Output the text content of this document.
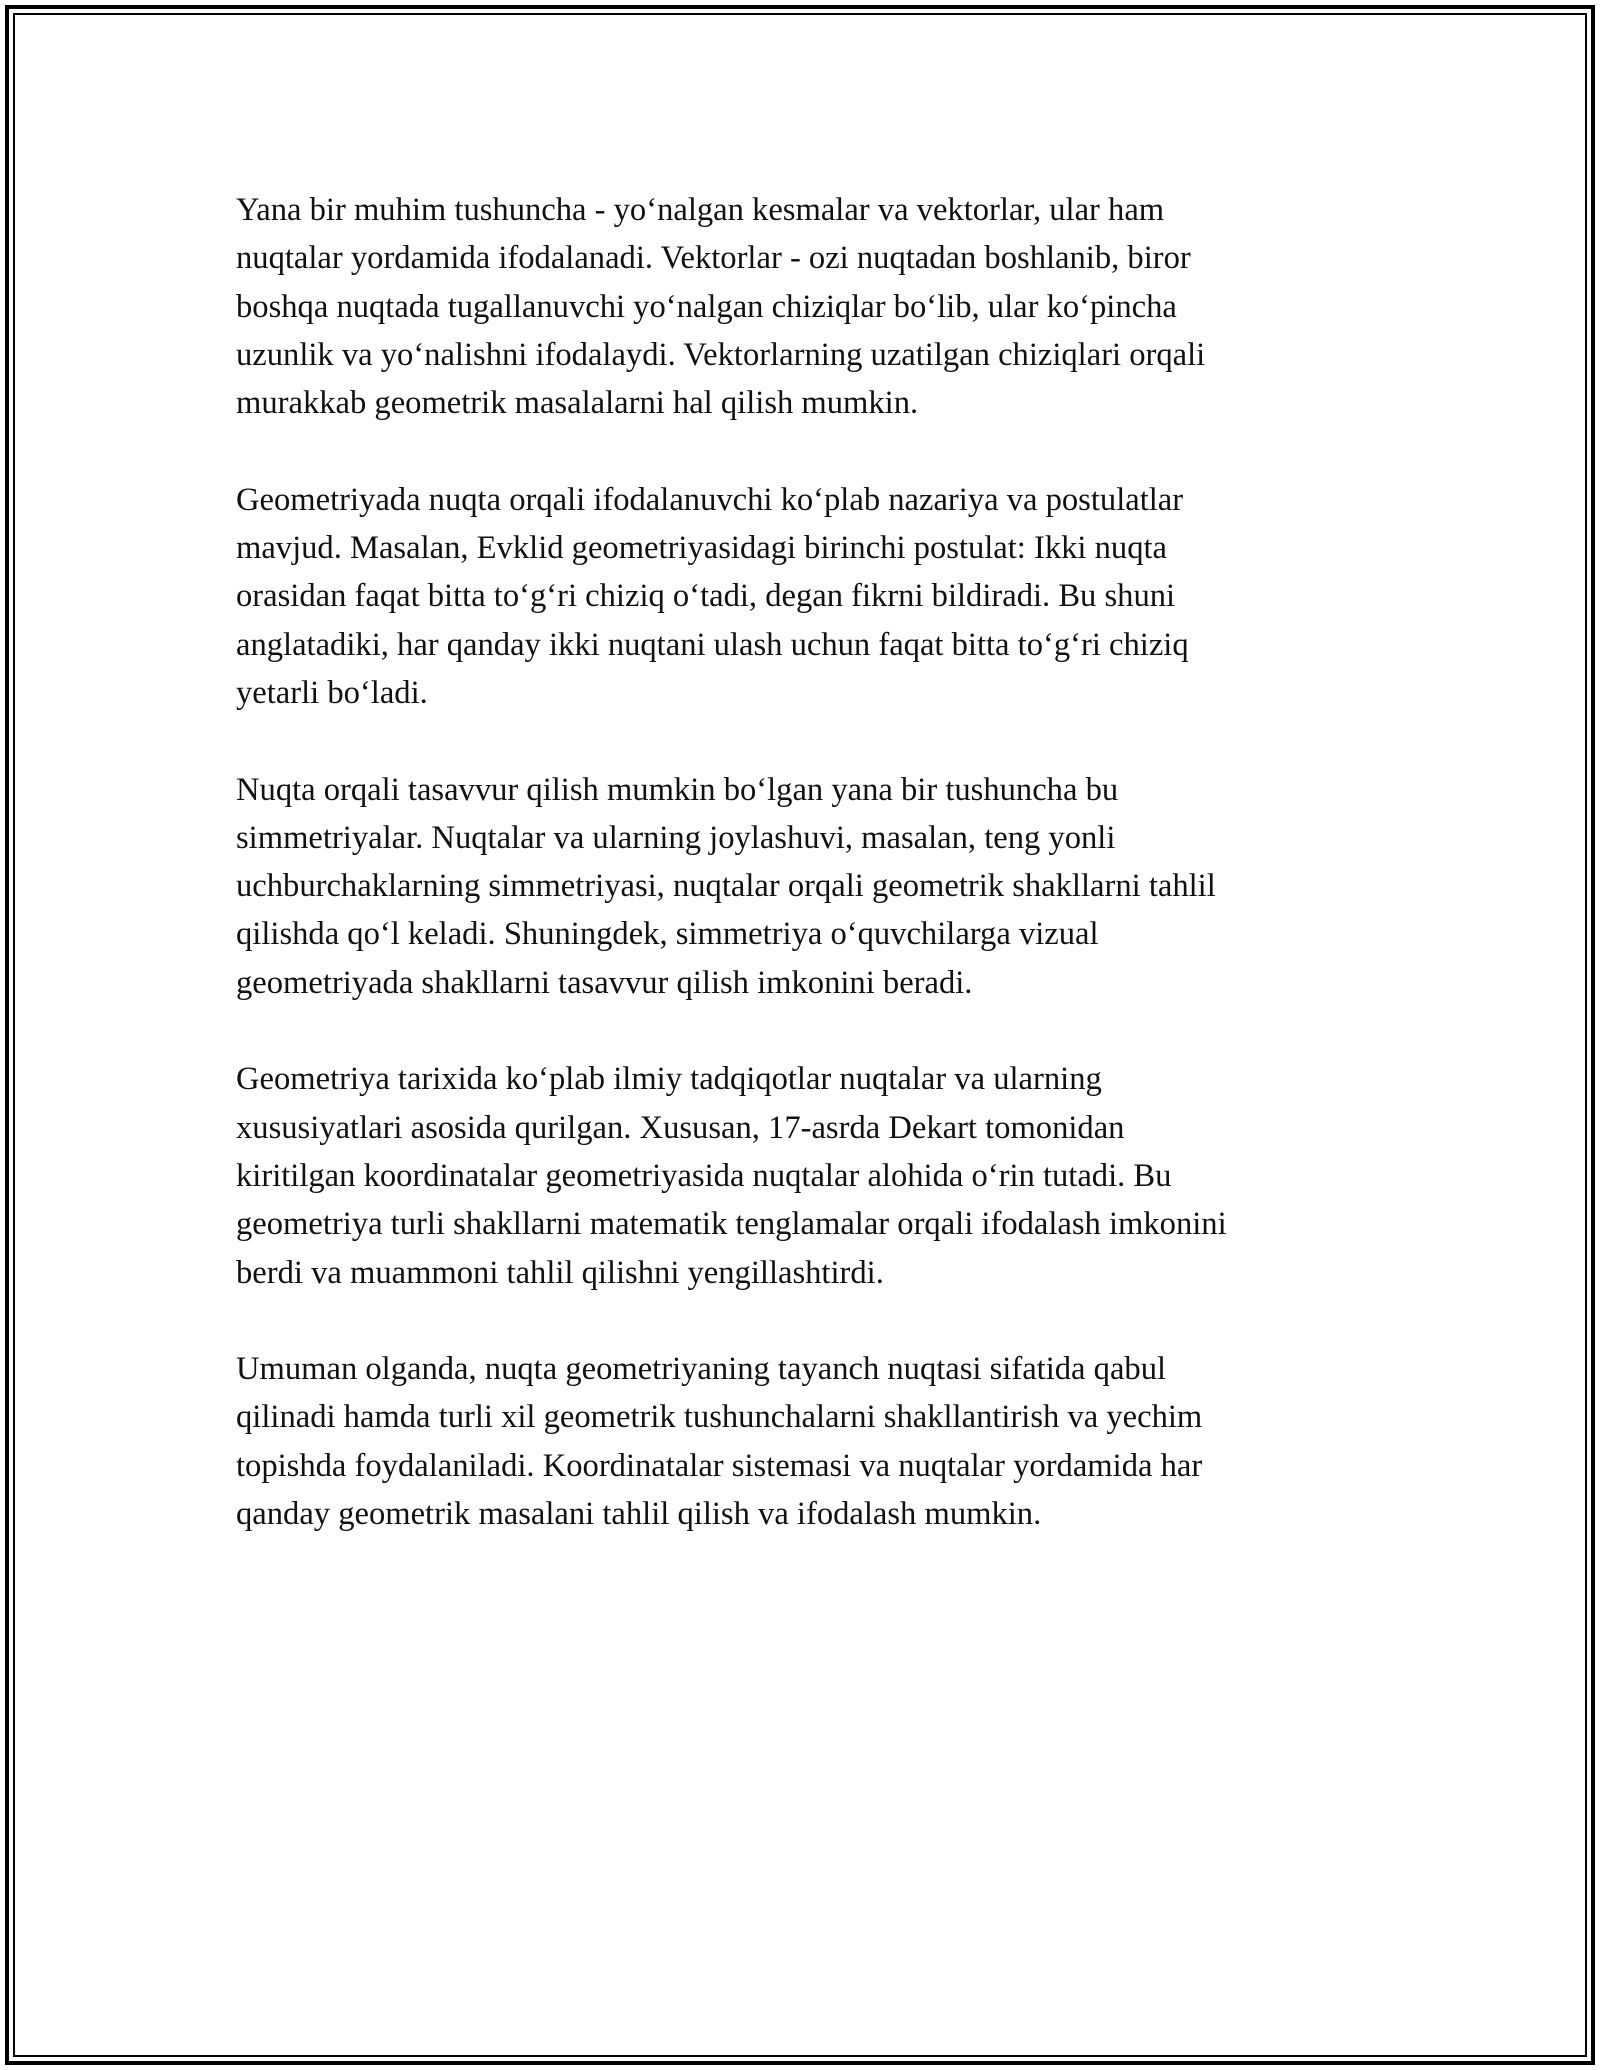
Yana bir muhim tushuncha - yo‘nalgan kesmalar va vektorlar, ular ham
nuqtalar yordamida ifodalanadi. Vektorlar - ozi nuqtadan boshlanib, biror
boshqa nuqtada tugallanuvchi yo‘nalgan chiziqlar bo‘lib, ular ko‘pincha
uzunlik va yo‘nalishni ifodalaydi. Vektorlarning uzatilgan chiziqlari orqali
murakkab geometrik masalalarni hal qilish mumkin.

Geometriyada nuqta orqali ifodalanuvchi ko‘plab nazariya va postulatlar
mavjud. Masalan, Evklid geometriyasidagi birinchi postulat: Ikki nuqta
orasidan faqat bitta to‘g‘ri chiziq o‘tadi, degan fikrni bildiradi. Bu shuni
anglatadiki, har qanday ikki nuqtani ulash uchun faqat bitta to‘g‘ri chiziq
yetarli bo‘ladi.

Nuqta orqali tasavvur qilish mumkin bo‘lgan yana bir tushuncha bu
simmetriyalar. Nuqtalar va ularning joylashuvi, masalan, teng yonli
uchburchaklarning simmetriyasi, nuqtalar orqali geometrik shakllarni tahlil
qilishda qo‘l keladi. Shuningdek, simmetriya o‘quvchilarga vizual
geometriyada shakllarni tasavvur qilish imkonini beradi.

Geometriya tarixida ko‘plab ilmiy tadqiqotlar nuqtalar va ularning
xususiyatlari asosida qurilgan. Xususan, 17-asrda Dekart tomonidan
kiritilgan koordinatalar geometriyasida nuqtalar alohida o‘rin tutadi. Bu
geometriya turli shakllarni matematik tenglamalar orqali ifodalash imkonini
berdi va muammoni tahlil qilishni yengillashtirdi.

Umuman olganda, nuqta geometriyaning tayanch nuqtasi sifatida qabul
qilinadi hamda turli xil geometrik tushunchalarni shakllantirish va yechim
topishda foydalaniladi. Koordinatalar sistemasi va nuqtalar yordamida har
qanday geometrik masalani tahlil qilish va ifodalash mumkin.
